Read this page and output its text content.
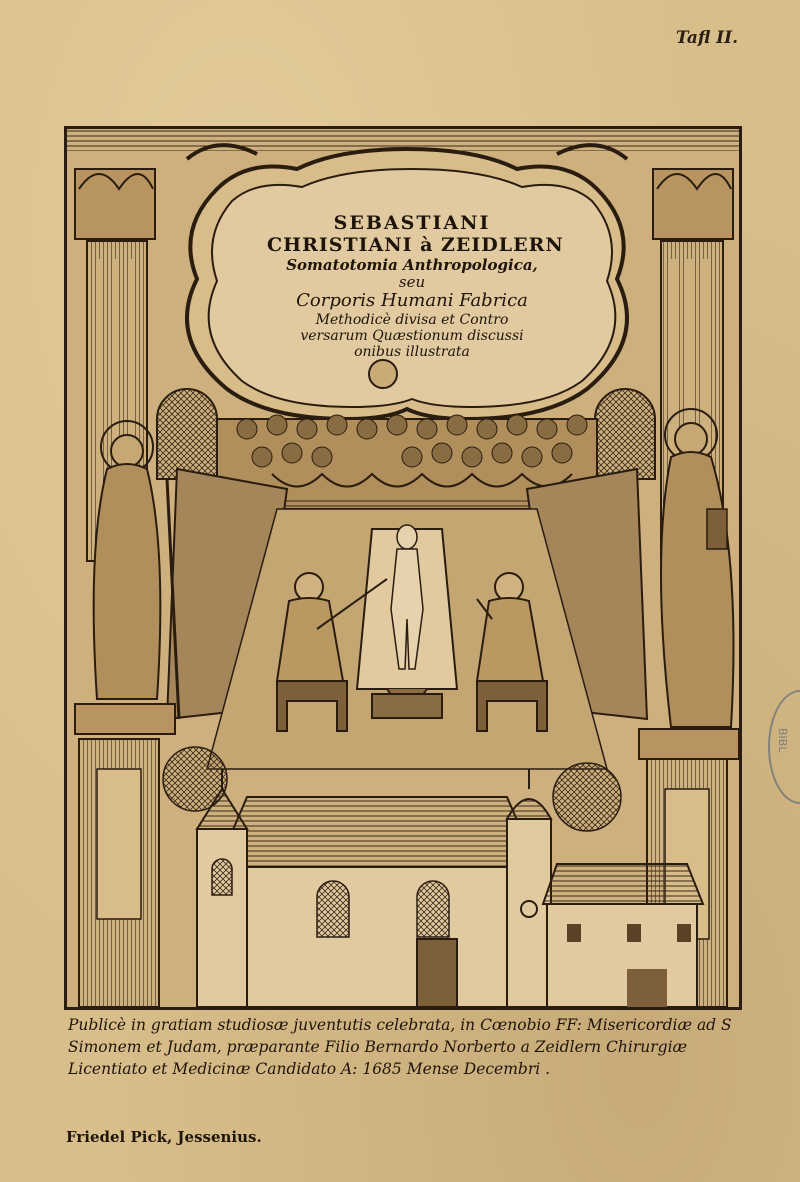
Tafl II.
SEBASTIANI
CHRISTIANI à ZEIDLERN
Somatotomia Anthropologica,
seu
Corporis Humani Fabrica
Methodicè divisa et Contro
versarum Quæstionum discussi
onibus illustrata
Publicè in gratiam studiosæ juventutis celebrata, in Cœnobio FF: Misericordiæ ad S
Simonem et Judam, præparante Filio Bernardo Norberto a Zeidlern Chirurgiæ
Licentiato et Medicinæ Candidato A: 1685 Mense Decembri .
Friedel Pick, Jessenius.
BIBL
